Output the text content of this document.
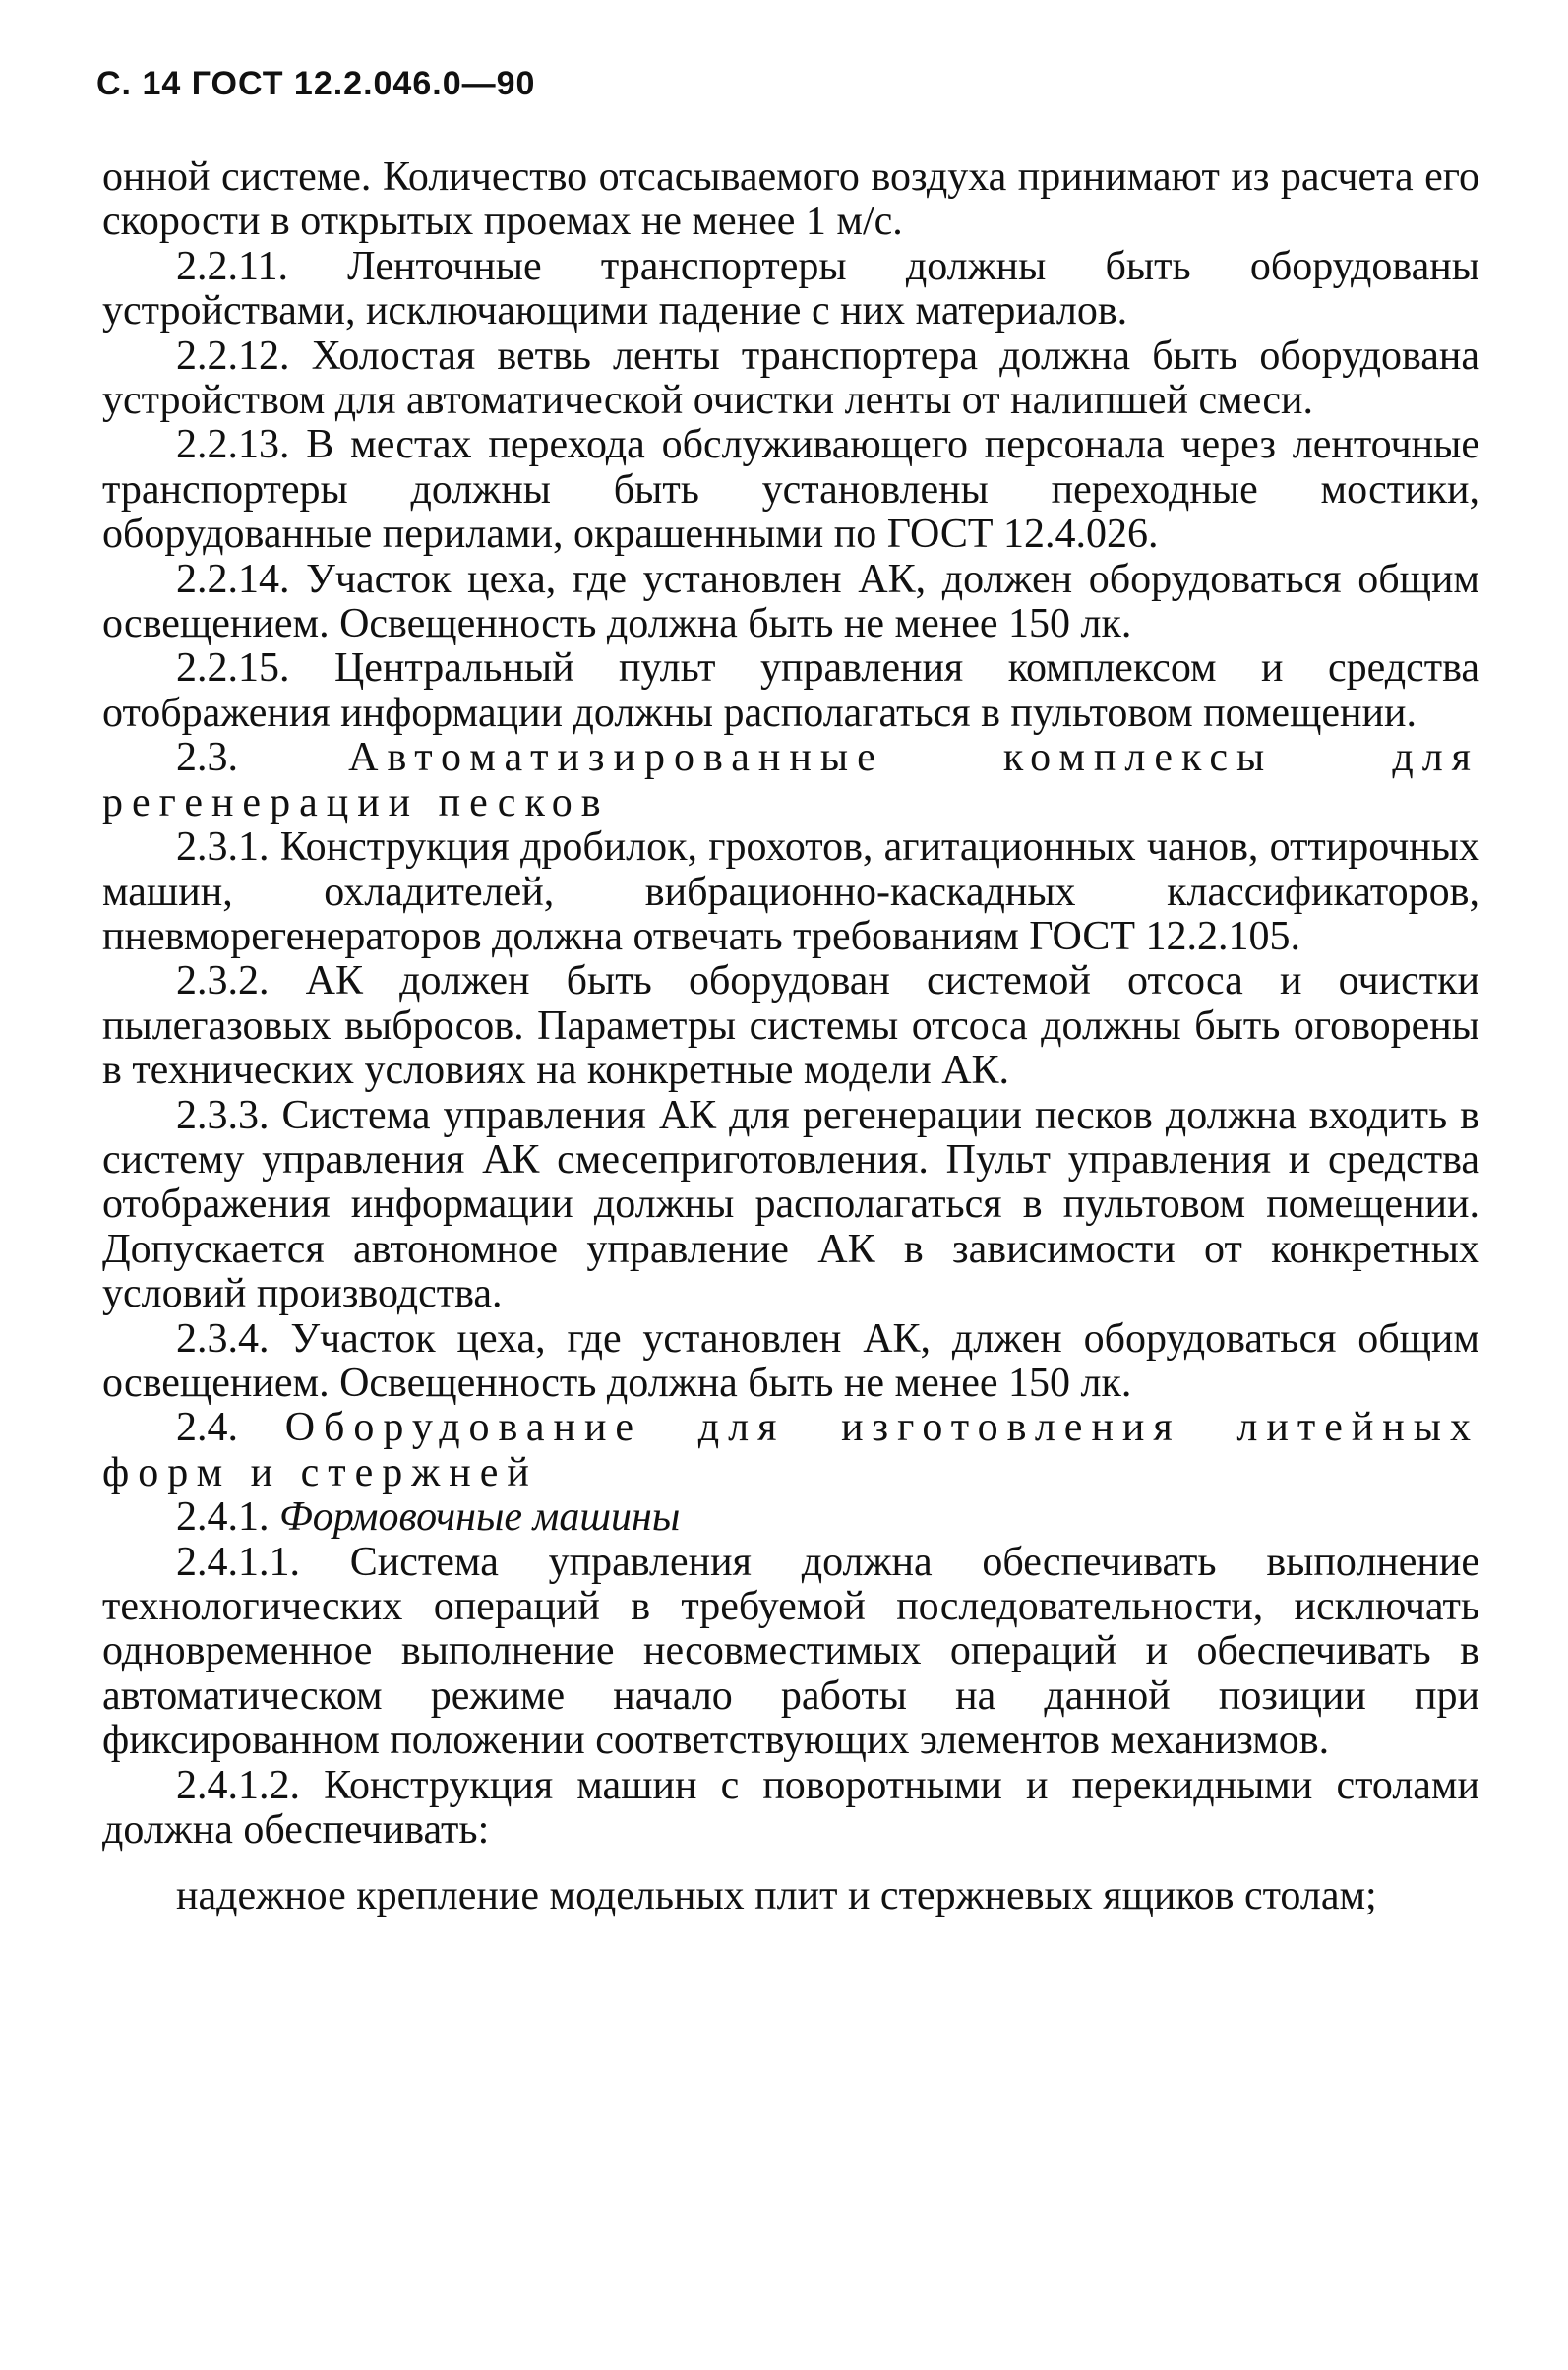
С. 14 ГОСТ 12.2.046.0—90

онной системе. Количество отсасываемого воздуха принимают из расчета его скорости в открытых проемах не менее 1 м/с.

2.2.11. Ленточные транспортеры должны быть оборудованы устройствами, исключающими падение с них материалов.

2.2.12. Холостая ветвь ленты транспортера должна быть оборудована устройством для автоматической очистки ленты от налипшей смеси.

2.2.13. В местах перехода обслуживающего персонала через ленточные транспортеры должны быть установлены переходные мостики, оборудованные перилами, окрашенными по ГОСТ 12.4.026.

2.2.14. Участок цеха, где установлен АК, должен оборудоваться общим освещением. Освещенность должна быть не менее 150 лк.

2.2.15. Центральный пульт управления комплексом и средства отображения информации должны располагаться в пультовом помещении.

2.3.	Автоматизированные комплексы для регенерации песков

2.3.1. Конструкция дробилок, грохотов, агитационных чанов, оттирочных машин, охладителей, вибрационно-каскадных классификаторов, пневморегенераторов должна отвечать требованиям ГОСТ 12.2.105.

2.3.2. АК должен быть оборудован системой отсоса и очистки пылегазовых выбросов. Параметры системы отсоса должны быть оговорены в технических условиях на конкретные модели АК.

2.3.3. Система управления АК для регенерации песков должна входить в систему управления АК смесеприготовления. Пульт управления и средства отображения информации должны располагаться в пультовом помещении. Допускается автономное управление АК в зависимости от конкретных условий производства.

2.3.4. Участок цеха, где установлен АК, длжен оборудоваться общим освещением. Освещенность должна быть не менее 150 лк.

2.4. Оборудование для изготовления литейных форм и стержней

2.4.1. Формовочные машины

2.4.1.1. Система управления должна обеспечивать выполнение технологических операций в требуемой последовательности, исключать одновременное выполнение несовместимых операций и обеспечивать в автоматическом режиме начало работы на данной позиции при фиксированном положении соответствующих элементов механизмов.

2.4.1.2. Конструкция машин с поворотными и перекидными столами должна обеспечивать:

надежное крепление модельных плит и стержневых ящиков столам;
